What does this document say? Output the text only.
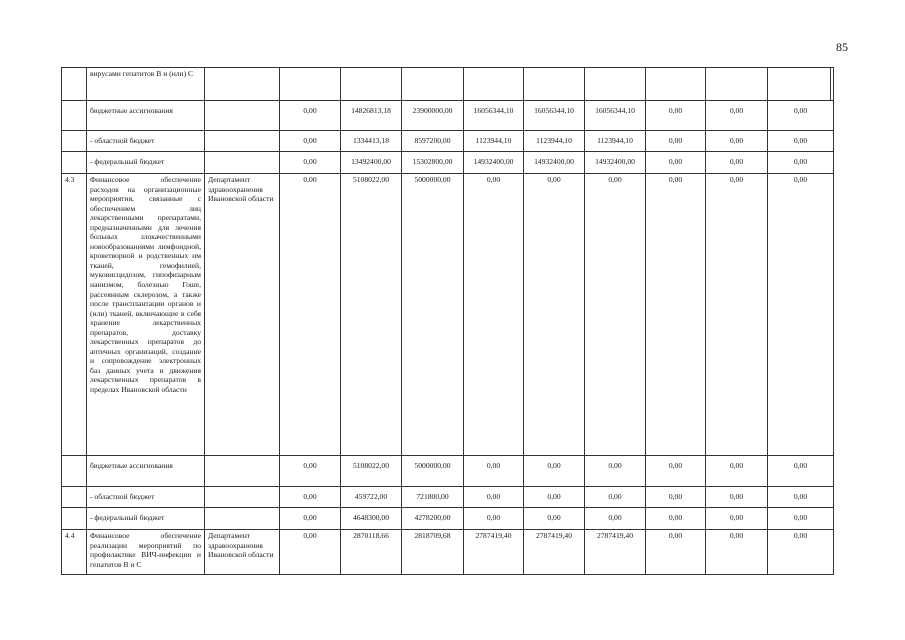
85
	вирусами гепатитов В и (или) С											
	бюджетные ассигнования		0,00	14826813,18	23900000,00	16056344,10	16056344,10	16056344,10	0,00	0,00	0,00	
	- областной бюджет		0,00	1334413,18	8597200,00	1123944,10	1123944,10	1123944,10	0,00	0,00	0,00	
	- федеральный бюджет		0,00	13492400,00	15302800,00	14932400,00	14932400,00	14932400,00	0,00	0,00	0,00	
4.3	Финансовое обеспечение расходов на организационные мероприятия, связанные с обеспечением лиц лекарственными препаратами, предназначенными для лечения больных злокачественными новообразованиями лимфоидной, кроветворной и родственных им тканей, гемофилией, муковисцидозом, гипофизарным нанизмом, болезнью Гоше, рассеянным склерозом, а также после трансплантации органов и (или) тканей, включающие в себя хранение лекарственных препаратов, доставку лекарственных препаратов до аптечных организаций, создание и сопровождение электронных баз данных учета и движения лекарственных препаратов в пределах Ивановской области	Департамент здравоохранения Ивановской области	0,00	5108022,00	5000000,00	0,00	0,00	0,00	0,00	0,00	0,00	
	бюджетные ассигнования		0,00	5108022,00	5000000,00	0,00	0,00	0,00	0,00	0,00	0,00	
	- областной бюджет		0,00	459722,00	721800,00	0,00	0,00	0,00	0,00	0,00	0,00	
	- федеральный бюджет		0,00	4648300,00	4278200,00	0,00	0,00	0,00	0,00	0,00	0,00	
4.4	Финансовое обеспечение реализации мероприятий по профилактике ВИЧ-инфекции и гепатитов В и С	Департамент здравоохранения Ивановской области	0,00	2870118,66	2818709,68	2787419,40	2787419,40	2787419,40	0,00	0,00	0,00	
